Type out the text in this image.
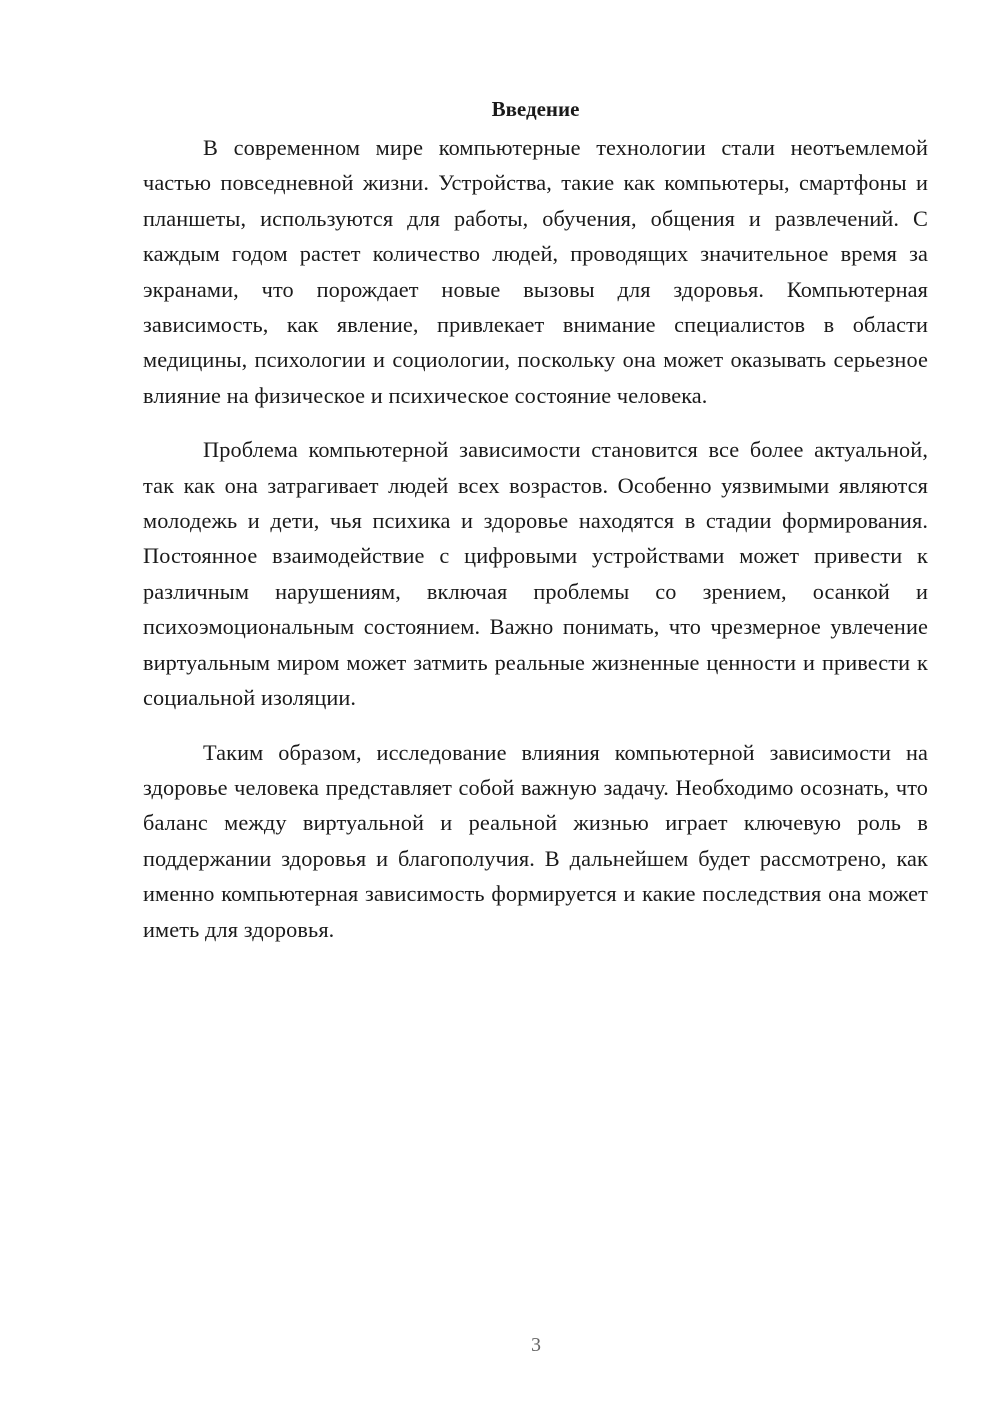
Введение

В современном мире компьютерные технологии стали неотъемлемой частью повседневной жизни. Устройства, такие как компьютеры, смартфоны и планшеты, используются для работы, обучения, общения и развлечений. С каждым годом растет количество людей, проводящих значительное время за экранами, что порождает новые вызовы для здоровья. Компьютерная зависимость, как явление, привлекает внимание специалистов в области медицины, психологии и социологии, поскольку она может оказывать серьезное влияние на физическое и психическое состояние человека.

Проблема компьютерной зависимости становится все более актуальной, так как она затрагивает людей всех возрастов. Особенно уязвимыми являются молодежь и дети, чья психика и здоровье находятся в стадии формирования. Постоянное взаимодействие с цифровыми устройствами может привести к различным нарушениям, включая проблемы со зрением, осанкой и психоэмоциональным состоянием. Важно понимать, что чрезмерное увлечение виртуальным миром может затмить реальные жизненные ценности и привести к социальной изоляции.

Таким образом, исследование влияния компьютерной зависимости на здоровье человека представляет собой важную задачу. Необходимо осознать, что баланс между виртуальной и реальной жизнью играет ключевую роль в поддержании здоровья и благополучия. В дальнейшем будет рассмотрено, как именно компьютерная зависимость формируется и какие последствия она может иметь для здоровья.

3
